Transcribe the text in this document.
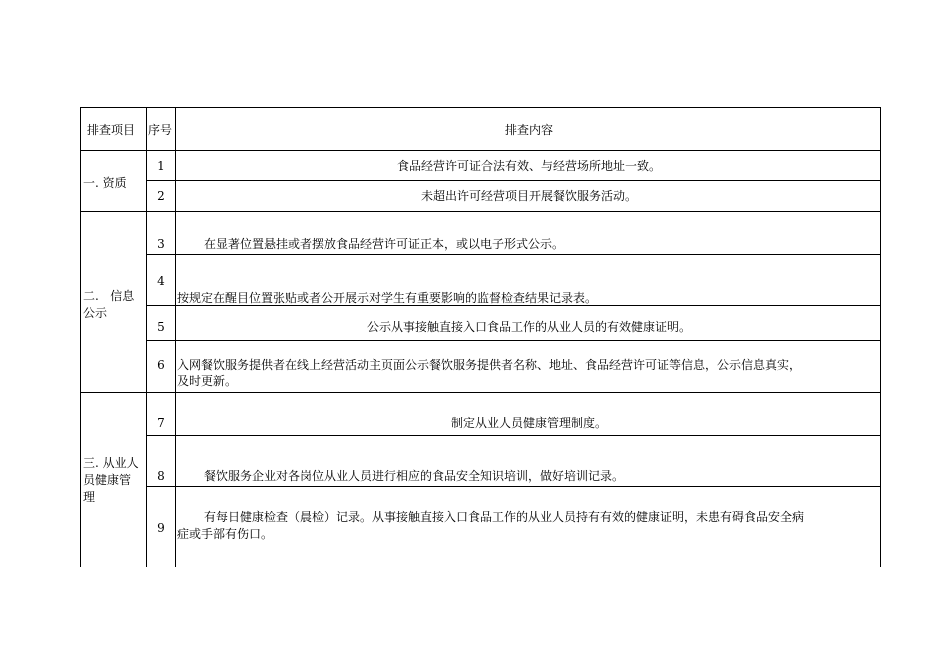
排查项目 序号	排查内容
一. 资质
二.   信息
公示
三. 从业人
员健康管
理
1
2
3
4
5
6
7
8
9
食品经营许可证合法有效、与经营场所地址一致。
未超出许可经营项目开展餐饮服务活动。
在显著位置悬挂或者摆放食品经营许可证正本，或以电子形式公示。
按规定在醒目位置张贴或者公开展示对学生有重要影响的监督检查结果记录表。
公示从事接触直接入口食品工作的从业人员的有效健康证明。
入网餐饮服务提供者在线上经营活动主页面公示餐饮服务提供者名称、地址、食品经营许可证等信息，公示信息真实，
及时更新。
制定从业人员健康管理制度。
餐饮服务企业对各岗位从业人员进行相应的食品安全知识培训，做好培训记录。
有每日健康检查（晨检）记录。从事接触直接入口食品工作的从业人员持有有效的健康证明，未患有碍食品安全病
症或手部有伤口。
